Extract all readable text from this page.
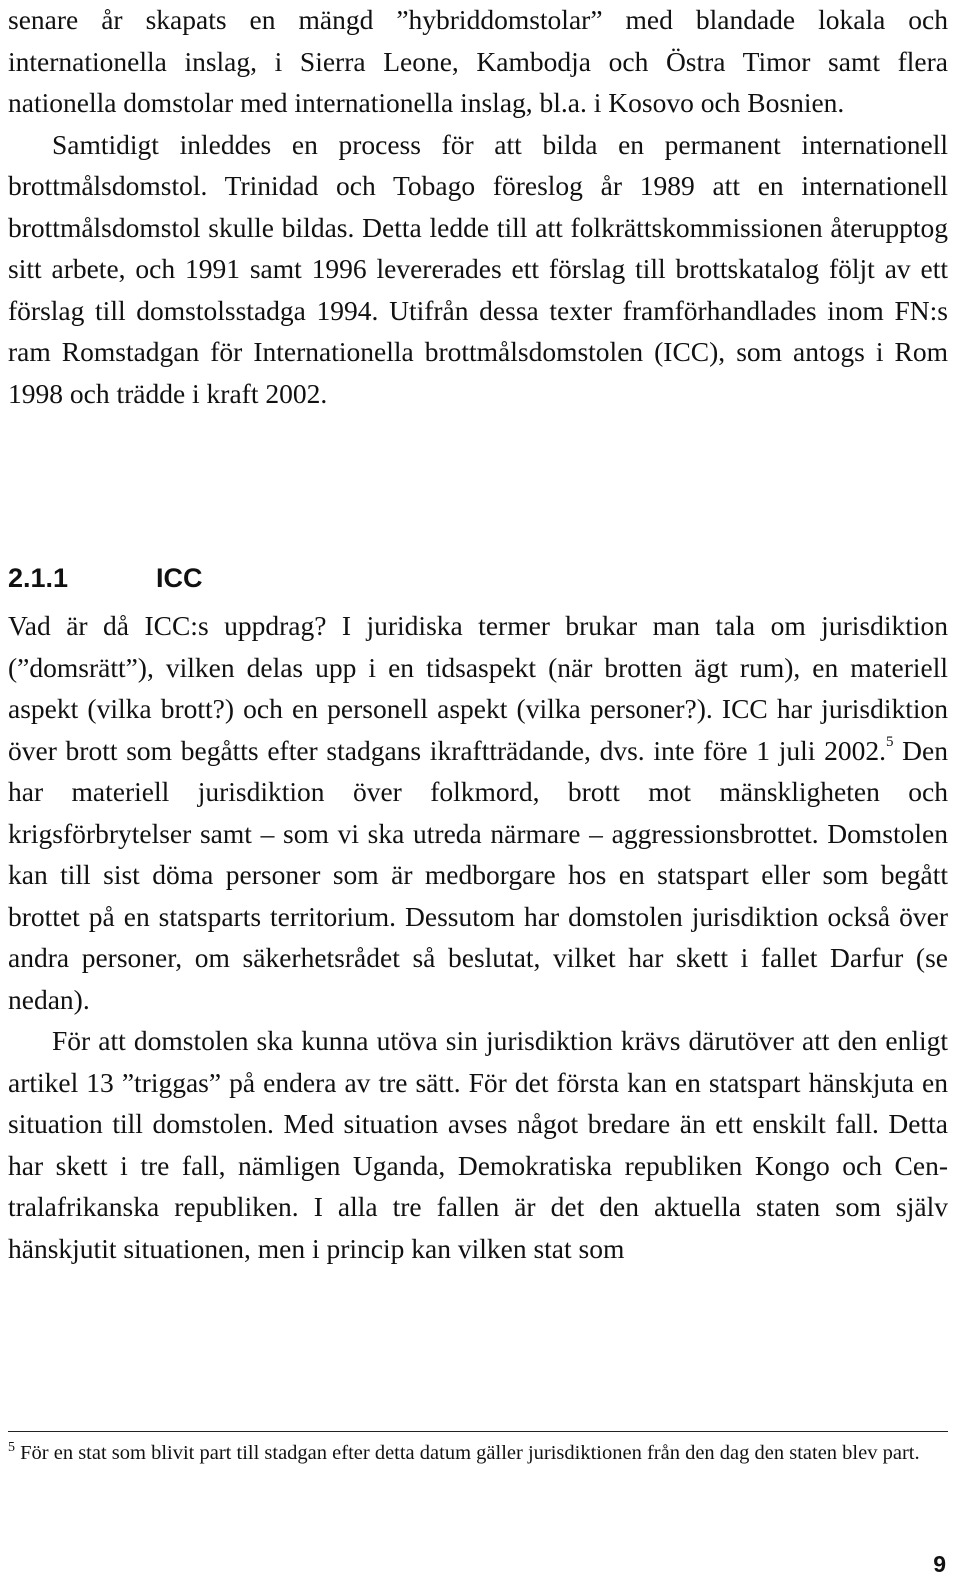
senare år skapats en mängd ”hybriddomstolar” med blandade lokala och internationella inslag, i Sierra Leone, Kambodja och Östra Timor samt flera nationella domstolar med internationella inslag, bl.a. i Kosovo och Bosnien.

Samtidigt inleddes en process för att bilda en permanent internationell brottmålsdomstol. Trinidad och Tobago föreslog år 1989 att en internationell brottmålsdomstol skulle bildas. Detta ledde till att folkrättskommissionen återupptog sitt arbete, och 1991 samt 1996 levererades ett förslag till brottskatalog följt av ett förslag till domstolsstadga 1994. Utifrån dessa texter framförhandlades inom FN:s ram Romstadgan för Internationella brottmålsdomstolen (ICC), som antogs i Rom 1998 och trädde i kraft 2002.

2.1.1	ICC

Vad är då ICC:s uppdrag? I juridiska termer brukar man tala om jurisdiktion (”domsrätt”), vilken delas upp i en tidsaspekt (när brotten ägt rum), en materiell aspekt (vilka brott?) och en personell aspekt (vilka personer?). ICC har jurisdiktion över brott som begåtts efter stadgans ikraftträdande, dvs. inte före 1 juli 2002.$^5$ Den har materiell jurisdiktion över folkmord, brott mot mänskligheten och krigsförbrytelser samt – som vi ska utreda närmare – aggressionsbrottet. Domstolen kan till sist döma personer som är medborgare hos en statspart eller som begått brottet på en statsparts territorium. Dessutom har domstolen jurisdiktion också över andra personer, om säkerhetsrådet så beslutat, vilket har skett i fallet Darfur (se nedan).

För att domstolen ska kunna utöva sin jurisdiktion krävs därutöver att den enligt artikel 13 ”triggas” på endera av tre sätt. För det första kan en statspart hänskjuta en situation till domstolen. Med situation avses något bredare än ett enskilt fall. Detta har skett i tre fall, nämligen Uganda, Demokratiska republiken Kongo och Centralafrikanska republiken. I alla tre fallen är det den aktuella staten som själv hänskjutit situationen, men i princip kan vilken stat som

$^5$ För en stat som blivit part till stadgan efter detta datum gäller jurisdiktionen från den dag den staten blev part.

9
